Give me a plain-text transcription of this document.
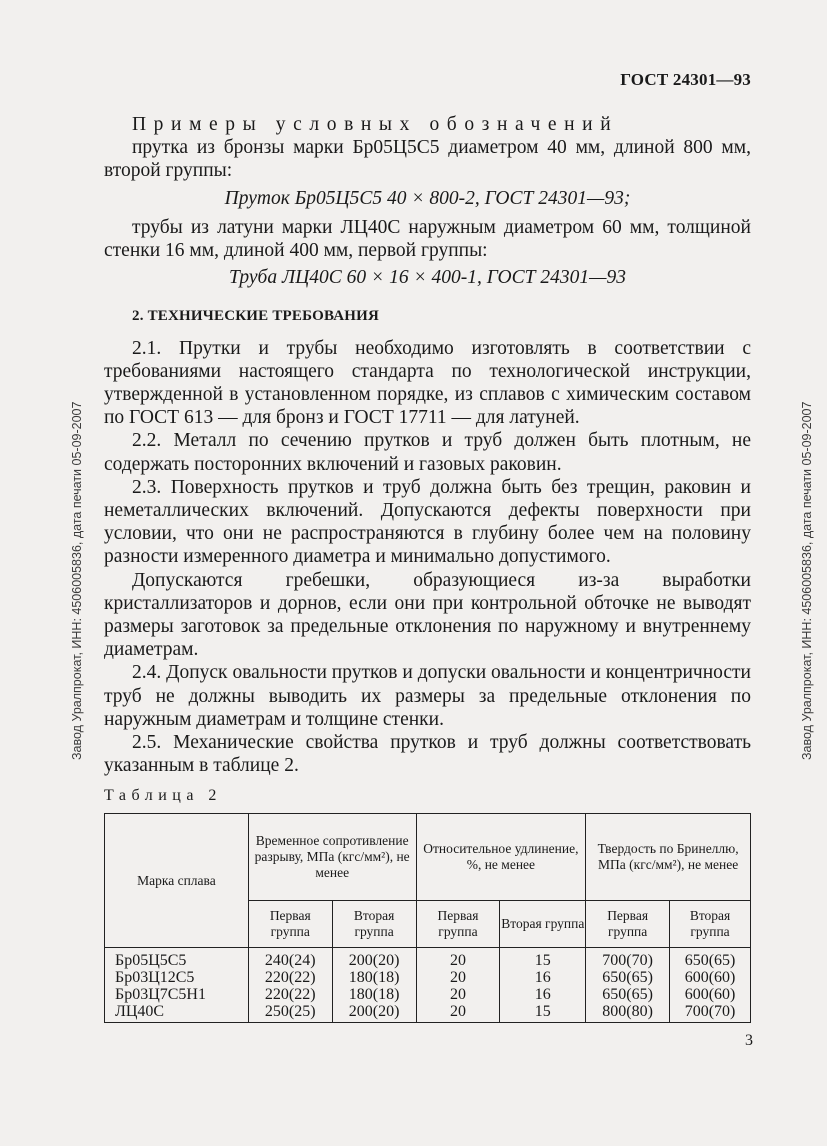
ГОСТ 24301—93
Завод Уралпрокат, ИНН: 4506005836, дата печати 05-09-2007	Завод Уралпрокат, ИНН: 4506005836, дата печати 05-09-2007

Примеры условных обозначений

прутка из бронзы марки Бр05Ц5С5 диаметром 40 мм, длиной 800 мм, второй группы:

Пруток Бр05Ц5С5 40 × 800-2, ГОСТ 24301—93;

трубы из латуни марки ЛЦ40С наружным диаметром 60 мм, толщиной стенки 16 мм, длиной 400 мм, первой группы:

Труба ЛЦ40С 60 × 16 × 400-1, ГОСТ 24301—93

2. ТЕХНИЧЕСКИЕ ТРЕБОВАНИЯ

2.1. Прутки и трубы необходимо изготовлять в соответствии с требованиями настоящего стандарта по технологической инструкции, утвержденной в установленном порядке, из сплавов с химическим составом по ГОСТ 613 — для бронз и ГОСТ 17711 — для латуней.

2.2. Металл по сечению прутков и труб должен быть плотным, не содержать посторонних включений и газовых раковин.

2.3. Поверхность прутков и труб должна быть без трещин, раковин и неметаллических включений. Допускаются дефекты поверхности при условии, что они не распространяются в глубину более чем на половину разности измеренного диаметра и минимально допустимого.

Допускаются гребешки, образующиеся из-за выработки кристаллизаторов и дорнов, если они при контрольной обточке не выводят размеры заготовок за предельные отклонения по наружному и внутреннему диаметрам.

2.4. Допуск овальности прутков и допуски овальности и концентричности труб не должны выводить их размеры за предельные отклонения по наружным диаметрам и толщине стенки.

2.5. Механические свойства прутков и труб должны соответствовать указанным в таблице 2.

Таблица 2
Марка сплава	Временное сопротивление разрыву, МПа (кгс/мм²), не менее		Относительное удлинение, %, не менее		Твердость по Бринеллю, МПа (кгс/мм²), не менее	
	Первая группа	Вторая группа	Первая группа	Вторая группа	Первая группа	Вторая группа
Бр05Ц5С5	240(24)	200(20)	20	15	700(70)	650(65)
Бр03Ц12С5	220(22)	180(18)	20	16	650(65)	600(60)
Бр03Ц7С5Н1	220(22)	180(18)	20	16	650(65)	600(60)
ЛЦ40С	250(25)	200(20)	20	15	800(80)	700(70)
3
